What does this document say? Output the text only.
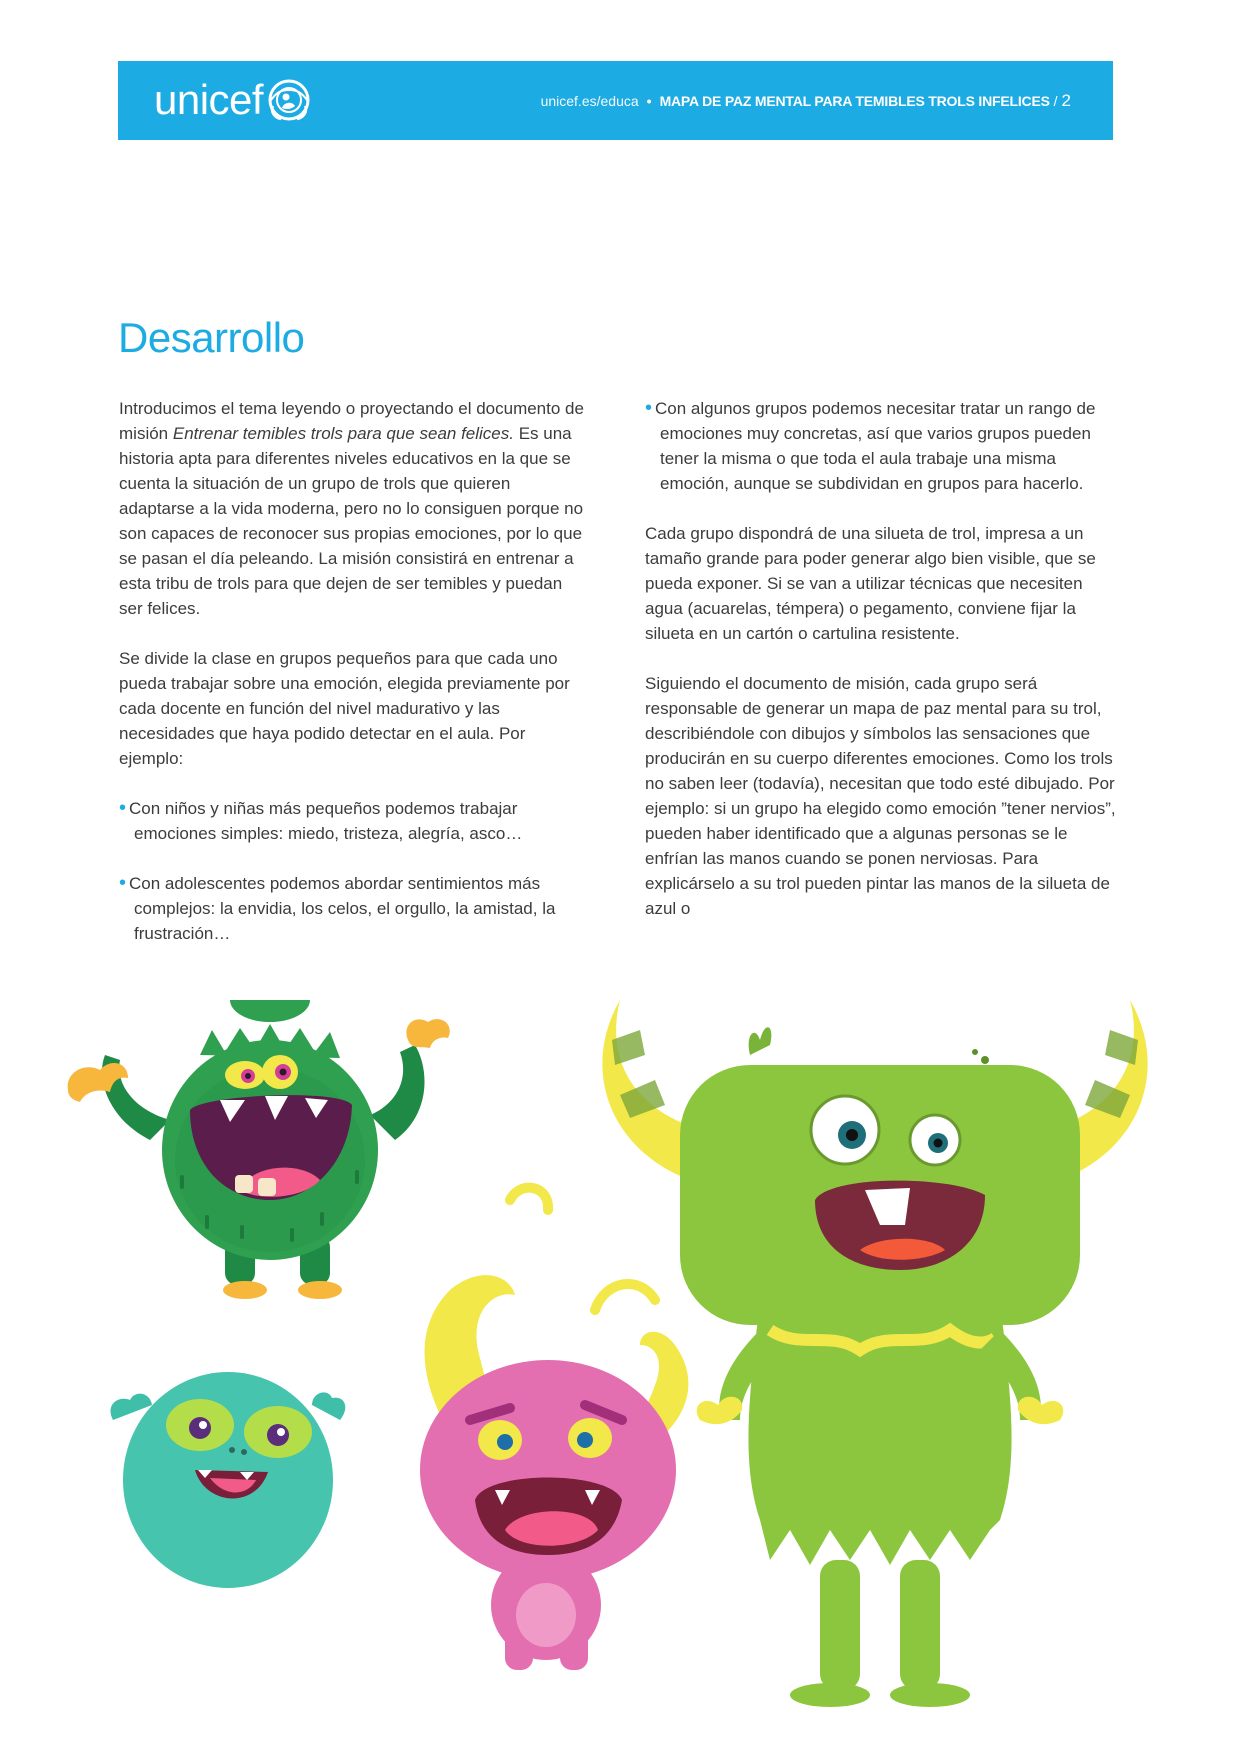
unicef	unicef.es/educa • MAPA DE PAZ MENTAL PARA TEMIBLES TROLS INFELICES / 2
Desarrollo

Introducimos el tema leyendo o proyectando el documento de misión Entrenar temibles trols para que sean felices. Es una historia apta para diferentes niveles educativos en la que se cuenta la situación de un grupo de trols que quieren adaptarse a la vida moderna, pero no lo consiguen porque no son capaces de reconocer sus propias emociones, por lo que se pasan el día peleando. La misión consistirá en entrenar a esta tribu de trols para que dejen de ser temibles y puedan ser felices.

Se divide la clase en grupos pequeños para que cada uno pueda trabajar sobre una emoción, elegida previamente por cada docente en función del nivel madurativo y las necesidades que haya podido detectar en el aula. Por ejemplo:

• Con niños y niñas más pequeños podemos trabajar emociones simples: miedo, tristeza, alegría, asco…
• Con adolescentes podemos abordar sentimientos más complejos: la envidia, los celos, el orgullo, la amistad, la frustración…
• Con algunos grupos podemos necesitar tratar un rango de emociones muy concretas, así que varios grupos pueden tener la misma o que toda el aula trabaje una misma emoción, aunque se subdividan en grupos para hacerlo.

Cada grupo dispondrá de una silueta de trol, impresa a un tamaño grande para poder generar algo bien visible, que se pueda exponer. Si se van a utilizar técnicas que necesiten agua (acuarelas, témpera) o pegamento, conviene fijar la silueta en un cartón o cartulina resistente.

Siguiendo el documento de misión, cada grupo será responsable de generar un mapa de paz mental para su trol, describiéndole con dibujos y símbolos las sensaciones que producirán en su cuerpo diferentes emociones. Como los trols no saben leer (todavía), necesitan que todo esté dibujado. Por ejemplo: si un grupo ha elegido como emoción ”tener nervios”, pueden haber identificado que a algunas personas se le enfrían las manos cuando se ponen nerviosas. Para explicárselo a su trol pueden pintar las manos de la silueta de azul o
